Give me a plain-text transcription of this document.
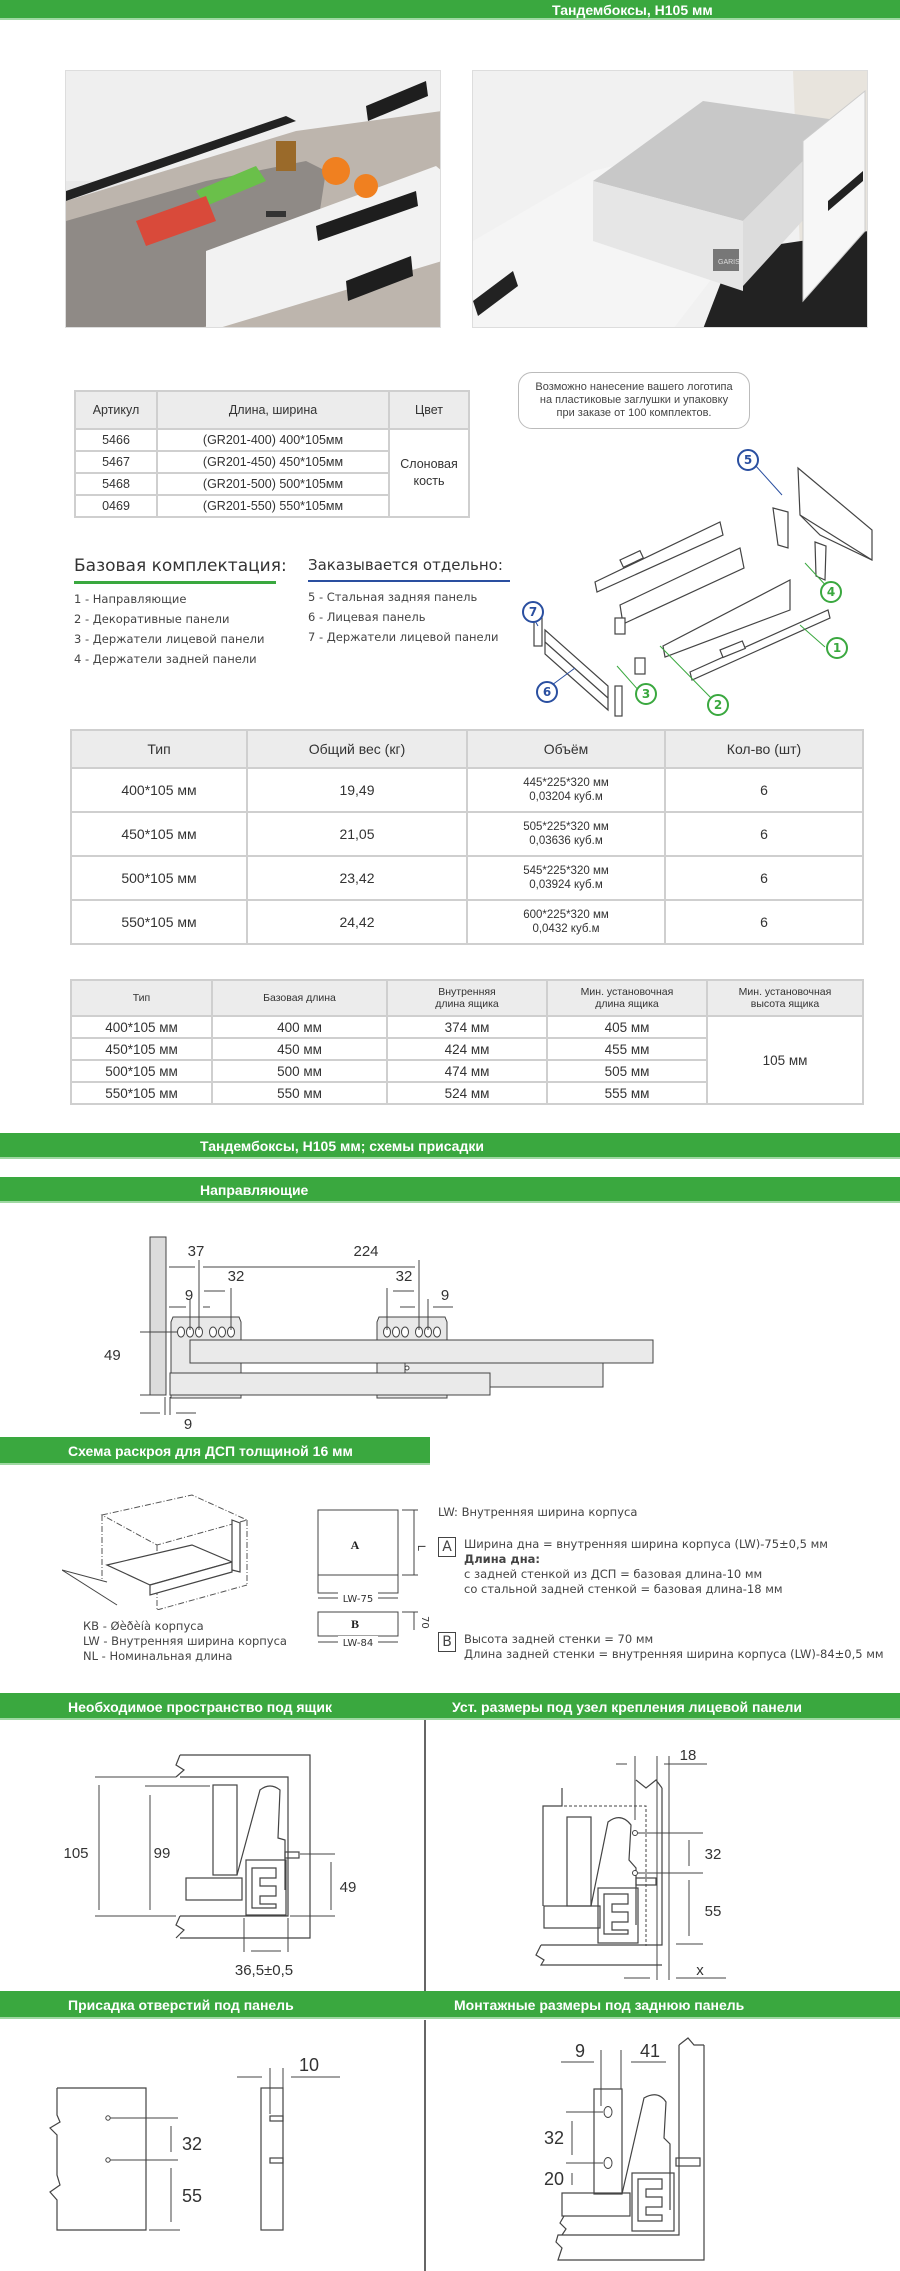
Тандембоксы, H105 мм
GARIS
Артикул	Длина, ширина	Цвет
5466	(GR201-400) 400*105мм	Слоновая
кость
5467	(GR201-450) 450*105мм	
5468	(GR201-500) 500*105мм	
0469	(GR201-550) 550*105мм	
Возможно нанесение вашего логотипа
на пластиковые заглушки и упаковку
при заказе от 100 комплектов.
Базовая комплектация:
1 - Направляющие
2 - Декоративные панели
3 - Держатели лицевой панели
4 - Держатели задней панели
Заказывается отдельно:
5 - Стальная задняя панель
6 - Лицевая панель
7 - Держатели лицевой панели
1
2
3
4
5
6
7
Тип	Общий вес (кг)	Объём	Кол-во (шт)
400*105 мм	19,49	445*225*320 мм
0,03204 куб.м	6
450*105 мм	21,05	505*225*320 мм
0,03636 куб.м	6
500*105 мм	23,42	545*225*320 мм
0,03924 куб.м	6
550*105 мм	24,42	600*225*320 мм
0,0432 куб.м	6
Тип	Базовая длина	Внутренняя
длина ящика	Мин. установочная
длина ящика	Мин. установочная
высота ящика
400*105 мм	400 мм	374 мм	405 мм	105 мм
450*105 мм	450 мм	424 мм	455 мм	
500*105 мм	500 мм	474 мм	505 мм	
550*105 мм	550 мм	524 мм	555 мм	
Тандембоксы, H105 мм; схемы присадки
Направляющие
37	224
32	32
9	9
9
49
Схема раскроя для ДСП толщиной 16 мм
КВ - Øèðèíà корпуса
LW - Внутренняя ширина корпуса
NL - Номинальная длина
L
A
LW-75
70
B
LW-84
LW: Внутренняя ширина корпуса
A Ширина дна = внутренняя ширина корпуса (LW)-75±0,5 мм
Длина дна:
с задней стенкой из ДСП = базовая длина-10 мм
со стальной задней стенкой = базовая длина-18 мм
B Высота задней стенки = 70 мм
Длина задней стенки = внутренняя ширина корпуса (LW)-84±0,5 мм
Необходимое пространство под ящик	Уст. размеры под узел крепления лицевой панели
105	99
49
36,5±0,5
18
32
55
x
Присадка отверстий под панель	Монтажные размеры под заднюю панель
32
55
10
9	41
32
20
